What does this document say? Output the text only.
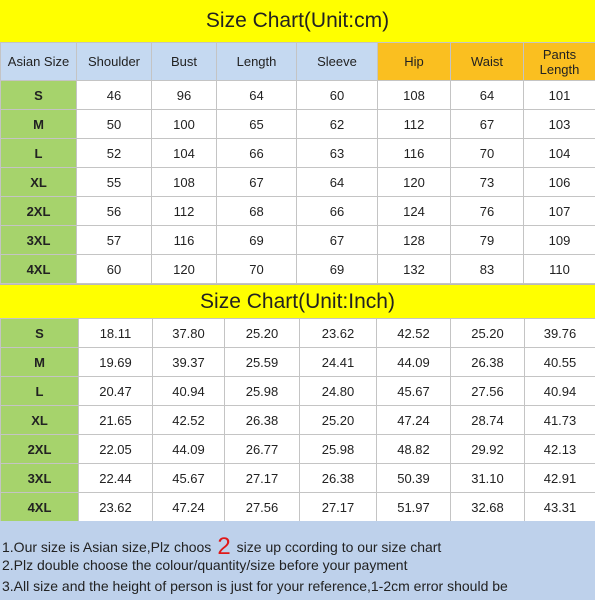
Size Chart(Unit:cm)
Asian Size	Shoulder	Bust	Length	Sleeve	Hip	Waist	Pants Length
S	46	96	64	60	108	64	101
M	50	100	65	62	112	67	103
L	52	104	66	63	116	70	104
XL	55	108	67	64	120	73	106
2XL	56	112	68	66	124	76	107
3XL	57	116	69	67	128	79	109
4XL	60	120	70	69	132	83	110
Size Chart(Unit:Inch)
S	18.11	37.80	25.20	23.62	42.52	25.20	39.76
M	19.69	39.37	25.59	24.41	44.09	26.38	40.55
L	20.47	40.94	25.98	24.80	45.67	27.56	40.94
XL	21.65	42.52	26.38	25.20	47.24	28.74	41.73
2XL	22.05	44.09	26.77	25.98	48.82	29.92	42.13
3XL	22.44	45.67	27.17	26.38	50.39	31.10	42.91
4XL	23.62	47.24	27.56	27.17	51.97	32.68	43.31
1.Our size is Asian size,Plz choos 2 size up ccording to our size chart
2.Plz double choose the colour/quantity/size before your payment
3.All size and the height of person is just for your reference,1-2cm error should be
